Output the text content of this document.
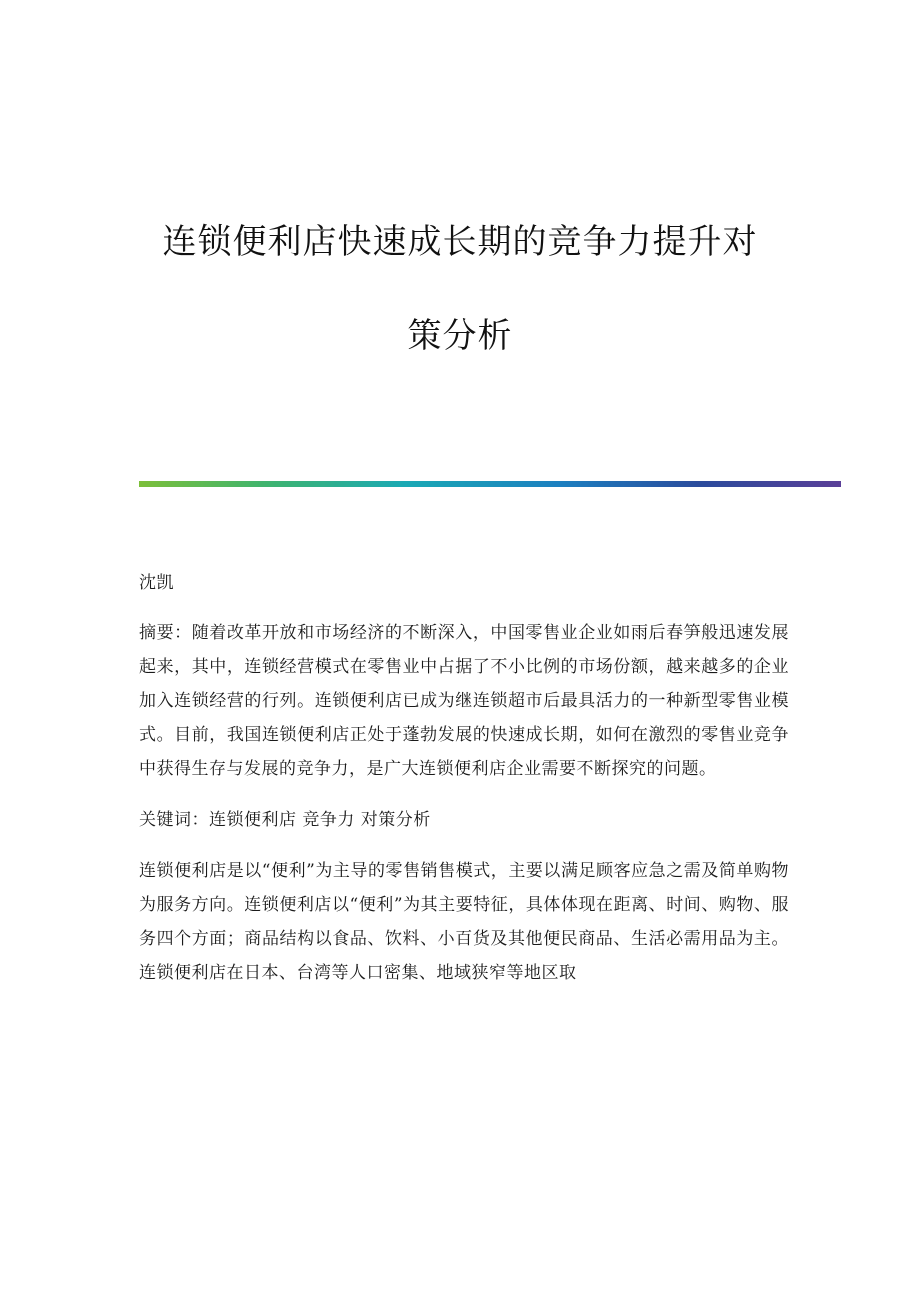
连锁便利店快速成长期的竞争力提升对
策分析

沈凯

摘要：随着改革开放和市场经济的不断深入，中国零售业企业如雨后春笋般迅速发展起来，其中，连锁经营模式在零售业中占据了不小比例的市场份额，越来越多的企业加入连锁经营的行列。连锁便利店已成为继连锁超市后最具活力的一种新型零售业模式。目前，我国连锁便利店正处于蓬勃发展的快速成长期，如何在激烈的零售业竞争中获得生存与发展的竞争力，是广大连锁便利店企业需要不断探究的问题。

关键词：连锁便利店 竞争力 对策分析

连锁便利店是以“便利”为主导的零售销售模式，主要以满足顾客应急之需及简单购物为服务方向。连锁便利店以“便利”为其主要特征，具体体现在距离、时间、购物、服务四个方面；商品结构以食品、饮料、小百货及其他便民商品、生活必需用品为主。连锁便利店在日本、台湾等人口密集、地域狭窄等地区取
